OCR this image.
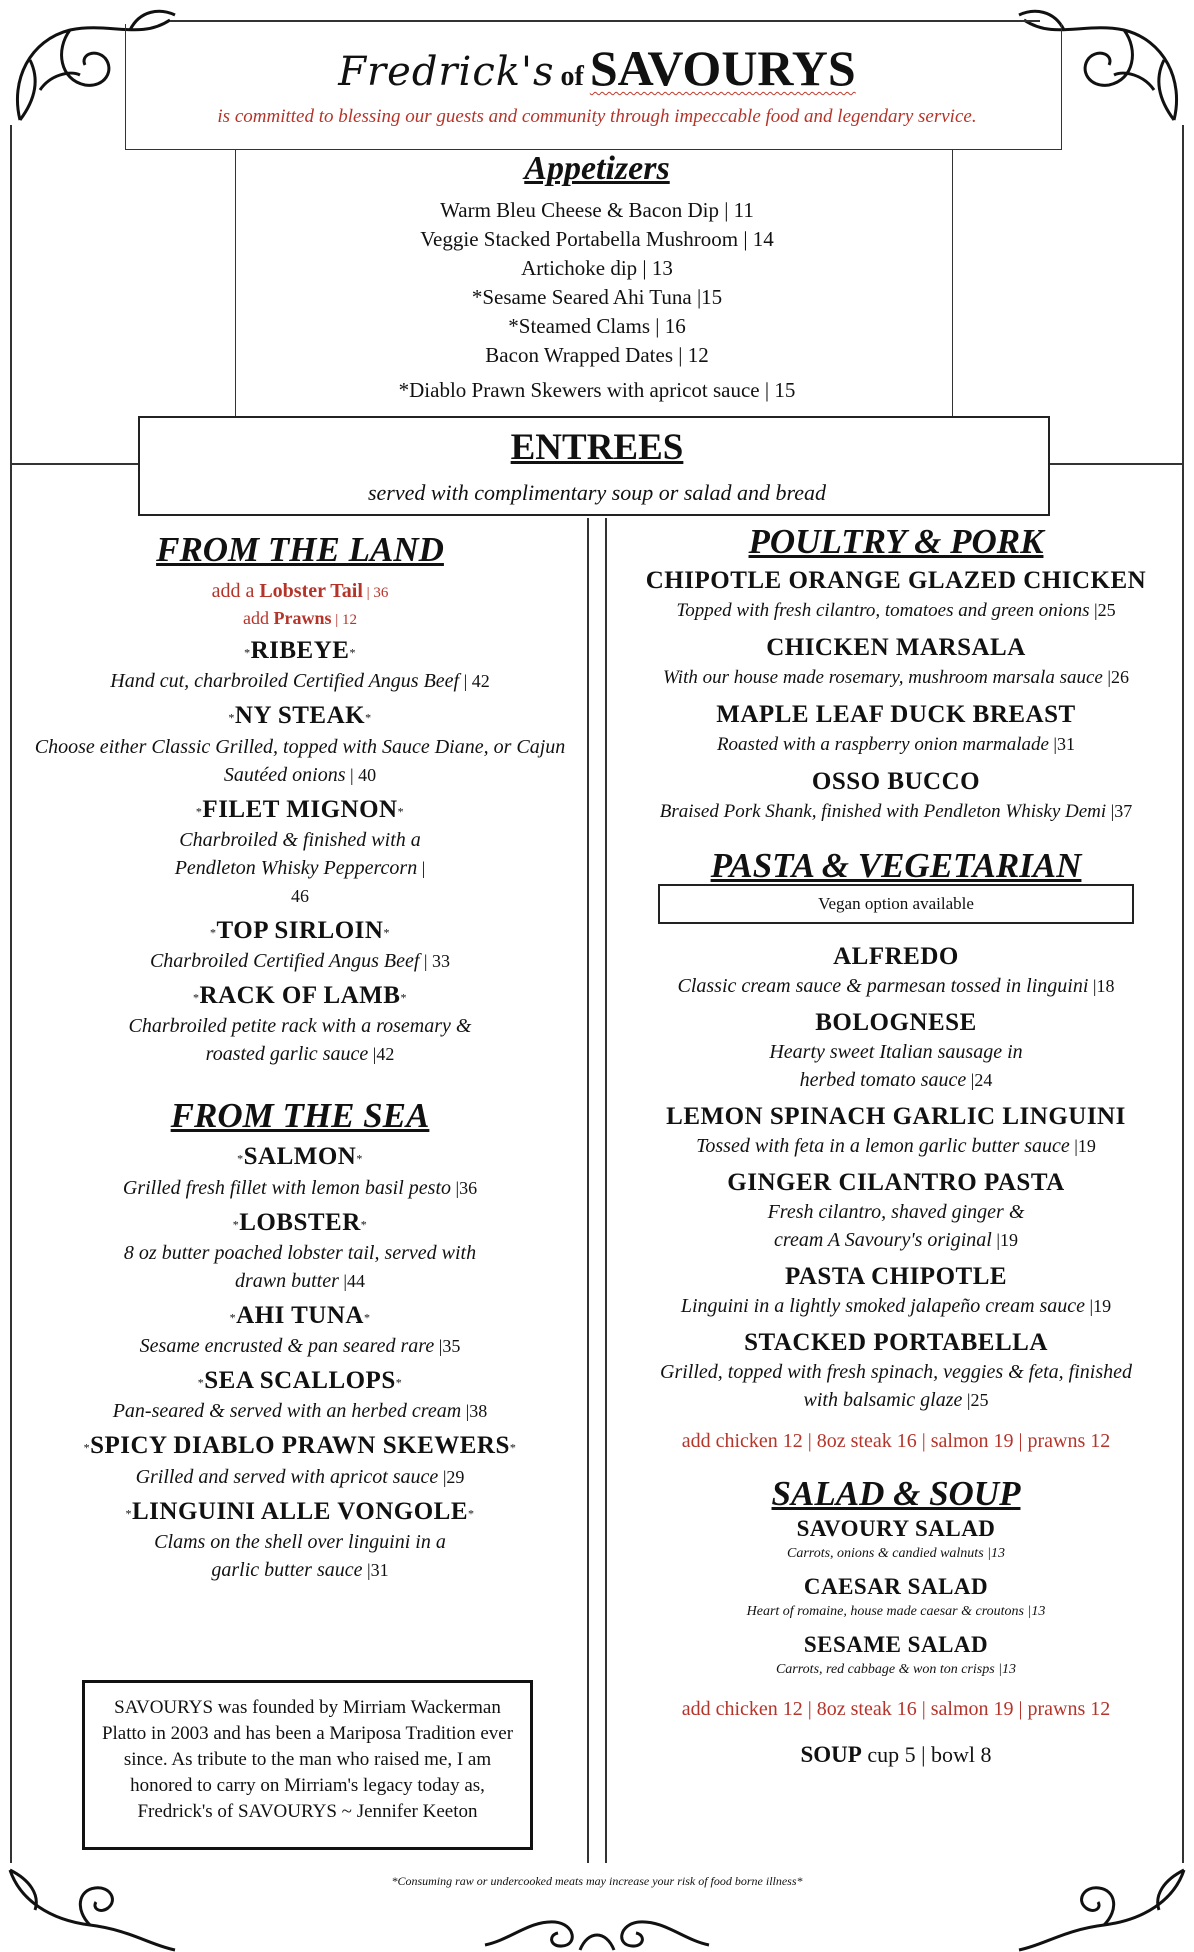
Fredrick's of SAVOURYS
is committed to blessing our guests and community through impeccable food and legendary service.
Appetizers
Warm Bleu Cheese & Bacon Dip | 11
Veggie Stacked Portabella Mushroom | 14
Artichoke dip | 13
*Sesame Seared Ahi Tuna |15
*Steamed Clams | 16
Bacon Wrapped Dates | 12
*Diablo Prawn Skewers with apricot sauce | 15
ENTREES
served with complimentary soup or salad and bread
FROM THE LAND
add a Lobster Tail | 36
add Prawns | 12
*RIBEYE*
Hand cut, charbroiled Certified Angus Beef | 42
*NY STEAK*
Choose either Classic Grilled, topped with Sauce Diane, or Cajun Sautéed onions | 40
*FILET MIGNON*
Charbroiled & finished with a Pendleton Whisky Peppercorn | 46
*TOP SIRLOIN*
Charbroiled Certified Angus Beef | 33
*RACK OF LAMB*
Charbroiled petite rack with a rosemary & roasted garlic sauce |42
FROM THE SEA
*SALMON*
Grilled fresh fillet with lemon basil pesto |36
*LOBSTER*
8 oz butter poached lobster tail, served with drawn butter |44
*AHI TUNA*
Sesame encrusted & pan seared rare |35
*SEA SCALLOPS*
Pan-seared & served with an herbed cream |38
*SPICY DIABLO PRAWN SKEWERS*
Grilled and served with apricot sauce |29
*LINGUINI ALLE VONGOLE*
Clams on the shell over linguini in a garlic butter sauce |31
SAVOURYS was founded by Mirriam Wackerman Platto in 2003 and has been a Mariposa Tradition ever since. As tribute to the man who raised me, I am honored to carry on Mirriam's legacy today as, Fredrick's of SAVOURYS ~ Jennifer Keeton
POULTRY & PORK
CHIPOTLE ORANGE GLAZED CHICKEN
Topped with fresh cilantro, tomatoes and green onions |25
CHICKEN MARSALA
With our house made rosemary, mushroom marsala sauce |26
MAPLE LEAF DUCK BREAST
Roasted with a raspberry onion marmalade |31
OSSO BUCCO
Braised Pork Shank, finished with Pendleton Whisky Demi |37
PASTA & VEGETARIAN
Vegan option available
ALFREDO
Classic cream sauce & parmesan tossed in linguini |18
BOLOGNESE
Hearty sweet Italian sausage in herbed tomato sauce |24
LEMON SPINACH GARLIC LINGUINI
Tossed with feta in a lemon garlic butter sauce |19
GINGER CILANTRO PASTA
Fresh cilantro, shaved ginger & cream A Savoury's original |19
PASTA CHIPOTLE
Linguini in a lightly smoked jalapeño cream sauce |19
STACKED PORTABELLA
Grilled, topped with fresh spinach, veggies & feta, finished with balsamic glaze |25
add chicken 12 | 8oz steak 16 | salmon 19 | prawns 12
SALAD & SOUP
SAVOURY SALAD
Carrots, onions & candied walnuts |13
CAESAR SALAD
Heart of romaine, house made caesar & croutons |13
SESAME SALAD
Carrots, red cabbage & won ton crisps |13
add chicken 12 | 8oz steak 16 | salmon 19 | prawns 12
SOUP cup 5 | bowl 8
*Consuming raw or undercooked meats may increase your risk of food borne illness*
